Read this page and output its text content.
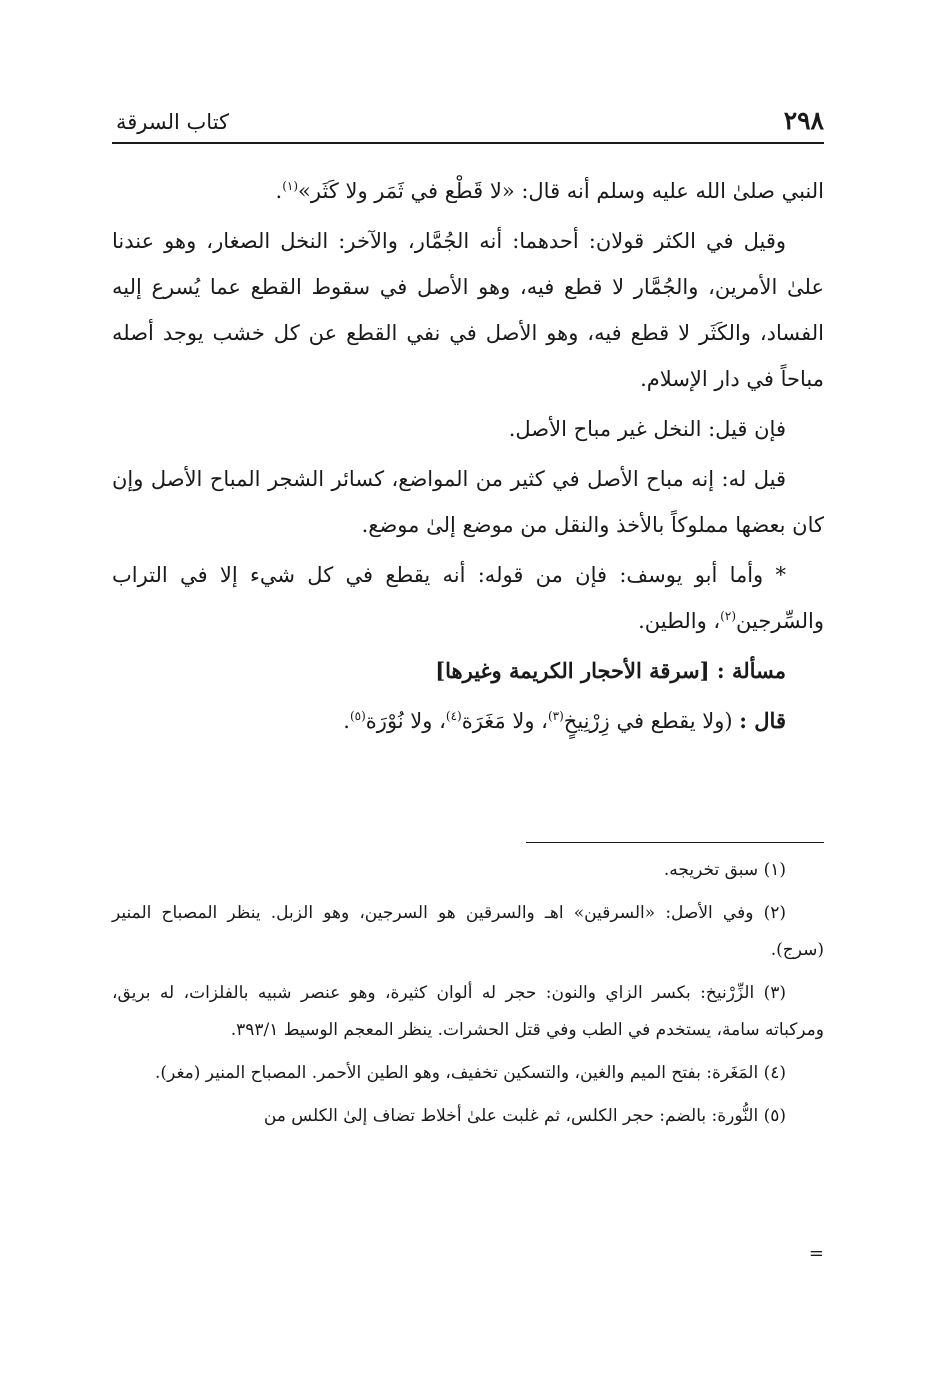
٢٩٨
كتاب السرقة

النبي صلىٰ الله عليه وسلم أنه قال: «لا قَطْع في ثَمَر ولا كَثَر»$^{(١)}$.

وقيل في الكثر قولان: أحدهما: أنه الجُمَّار، والآخر: النخل الصغار، وهو عندنا علىٰ الأمرين، والجُمَّار لا قطع فيه، وهو الأصل في سقوط القطع عما يُسرع إليه الفساد، والكَثَر لا قطع فيه، وهو الأصل في نفي القطع عن كل خشب يوجد أصله مباحاً في دار الإسلام.

فإن قيل: النخل غير مباح الأصل.

قيل له: إنه مباح الأصل في كثير من المواضع، كسائر الشجر المباح الأصل وإن كان بعضها مملوكاً بالأخذ والنقل من موضع إلىٰ موضع.

* وأما أبو يوسف: فإن من قوله: أنه يقطع في كل شيء إلا في التراب والسِّرجين$^{(٢)}$، والطين.

مسألة : [سرقة الأحجار الكريمة وغيرها]

قال : (ولا يقطع في زِرْنِيخٍ$^{(٣)}$، ولا مَغَرَة$^{(٤)}$، ولا نُوْرَة$^{(٥)}$.

(١) سبق تخريجه.

(٢) وفي الأصل: «السرقين» اهـ والسرقين هو السرجين، وهو الزبل. ينظر المصباح المنير (سرج).

(٣) الزِّرْنيخ: بكسر الزاي والنون: حجر له ألوان كثيرة، وهو عنصر شبيه بالفلزات، له بريق، ومركباته سامة، يستخدم في الطب وفي قتل الحشرات. ينظر المعجم الوسيط ٣٩٣/١.

(٤) المَغَرة: بفتح الميم والغين، والتسكين تخفيف، وهو الطين الأحمر. المصباح المنير (مغر).

(٥) النُّورة: بالضم: حجر الكلس، ثم غلبت علىٰ أخلاط تضاف إلىٰ الكلس من

=
